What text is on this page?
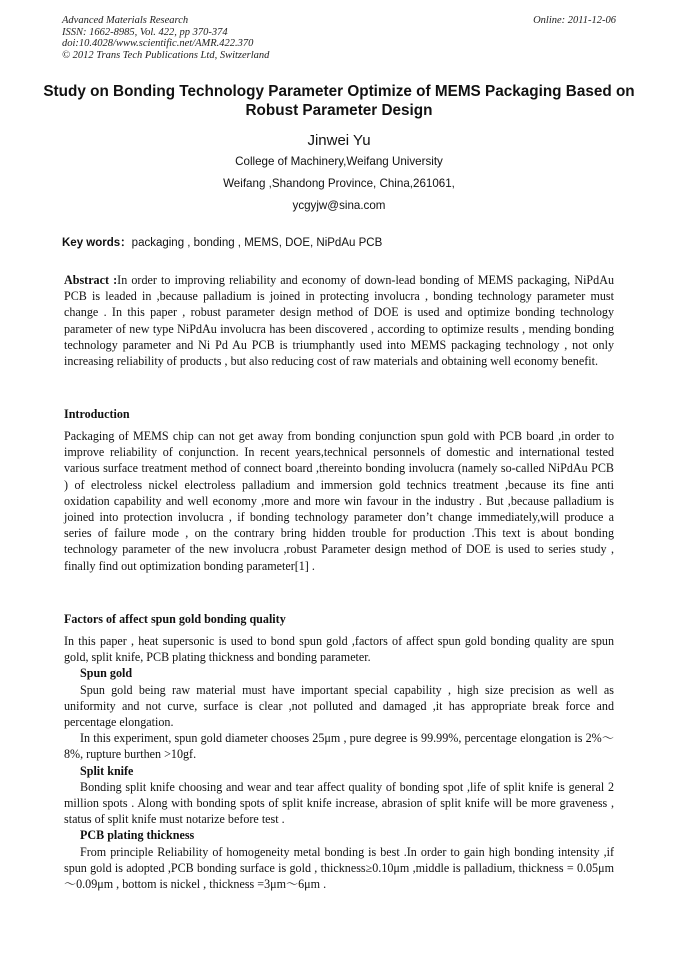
Advanced Materials Research
ISSN: 1662-8985, Vol. 422, pp 370-374
doi:10.4028/www.scientific.net/AMR.422.370
© 2012 Trans Tech Publications Ltd, Switzerland
Online: 2011-12-06
Study on Bonding Technology Parameter Optimize of MEMS Packaging Based on Robust Parameter Design
Jinwei Yu
College of Machinery,Weifang University
Weifang ,Shandong Province, China,261061,
ycgyjw@sina.com
Key words：packaging , bonding , MEMS, DOE, NiPdAu PCB

Abstract :In order to improving reliability and economy of down-lead bonding of MEMS packaging, NiPdAu PCB is leaded in ,because palladium is joined in protecting involucra , bonding technology parameter must change . In this paper , robust parameter design method of DOE is used and optimize bonding technology parameter of new type NiPdAu involucra has been discovered , according to optimize results , mending bonding technology parameter and Ni Pd Au PCB is triumphantly used into MEMS packaging technology , not only increasing reliability of products , but also reducing cost of raw materials and obtaining well economy benefit.

Introduction

Packaging of MEMS chip can not get away from bonding conjunction spun gold with PCB board ,in order to improve reliability of conjunction. In recent years,technical personnels of domestic and international tested various surface treatment method of connect board ,thereinto bonding involucra (namely so-called NiPdAu PCB ) of electroless nickel electroless palladium and immersion gold technics treatment ,because its fine anti oxidation capability and well economy ,more and more win favour in the industry . But ,because palladium is joined into protection involucra , if bonding technology parameter don’t change immediately,will produce a series of failure mode , on the contrary bring hidden trouble for production .This text is about bonding technology parameter of the new involucra ,robust Parameter design method of DOE is used to series study , finally find out optimization bonding parameter[1] .

Factors of affect spun gold bonding quality

In this paper , heat supersonic is used to bond spun gold ,factors of affect spun gold bonding quality are spun gold, split knife, PCB plating thickness and bonding parameter.

Spun gold

Spun gold being raw material must have important special capability , high size precision as well as uniformity and not curve, surface is clear ,not polluted and damaged ,it has appropriate break force and percentage elongation.

In this experiment, spun gold diameter chooses 25μm , pure degree is 99.99%, percentage elongation is 2%～8%, rupture burthen >10gf.

Split knife

Bonding split knife choosing and wear and tear affect quality of bonding spot ,life of split knife is general 2 million spots . Along with bonding spots of split knife increase, abrasion of split knife will be more graveness , status of split knife must notarize before test .

PCB plating thickness

From principle Reliability of homogeneity metal bonding is best .In order to gain high bonding intensity ,if spun gold is adopted ,PCB bonding surface is gold , thickness≥0.10μm ,middle is palladium, thickness = 0.05μm～0.09μm , bottom is nickel , thickness =3μm～6μm .
